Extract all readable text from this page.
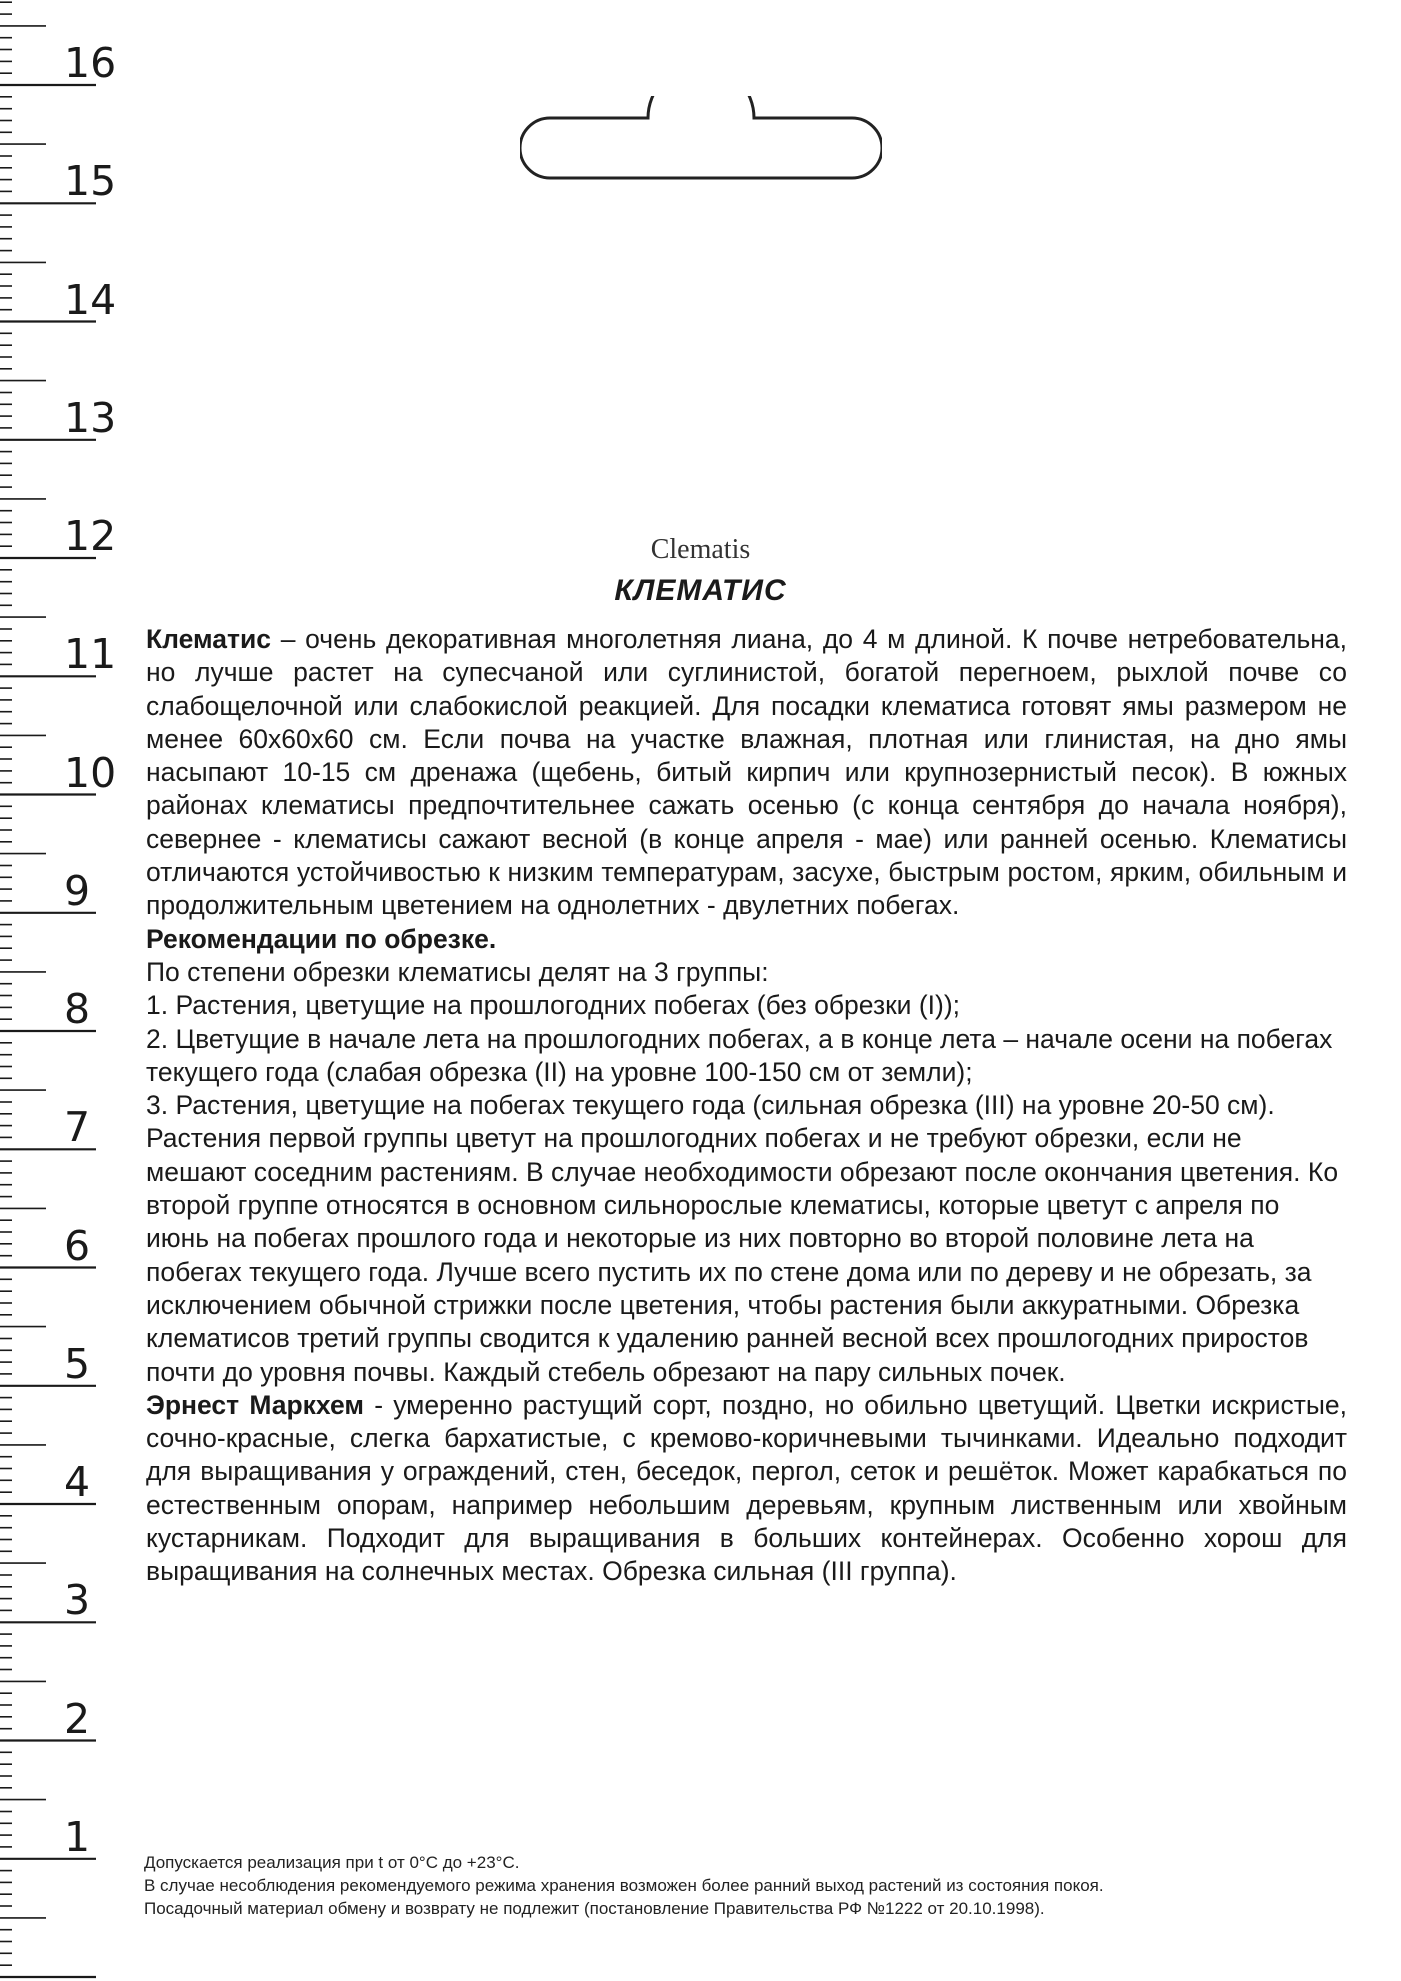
16
15
14
13
12
11
10
9
8
7
6
5
4
3
2
1
Clematis
КЛЕМАТИС

Клематис – очень декоративная многолетняя лиана, до 4 м длиной. К почве нетребовательна, но лучше растет на супесчаной или суглинистой, богатой перегноем, рыхлой почве со слабощелочной или слабокислой реакцией. Для посадки клематиса готовят ямы размером не менее 60х60х60 см. Если почва на участке влажная, плотная или глинистая, на дно ямы насыпают 10-15 см дренажа (щебень, битый кирпич или крупнозернистый песок). В южных районах клематисы предпочтительнее сажать осенью (с конца сентября до начала ноября), севернее - клематисы сажают весной (в конце апреля - мае) или ранней осенью. Клематисы отличаются устойчивостью к низким температурам, засухе, быстрым ростом, ярким, обильным и продолжительным цветением на однолетних - двулетних побегах.

Рекомендации по обрезке.

По степени обрезки клематисы делят на 3 группы:

1. Растения, цветущие на прошлогодних побегах (без обрезки (I));

2. Цветущие в начале лета на прошлогодних побегах, а в конце лета – начале осени на побегах текущего года (слабая обрезка (II) на уровне 100-150 см от земли);

3. Растения, цветущие на побегах текущего года (сильная обрезка (III) на уровне 20-50 см).

Растения первой группы цветут на прошлогодних побегах и не требуют обрезки, если не мешают соседним растениям. В случае необходимости обрезают после окончания цветения. Ко второй группе относятся в основном сильнорослые клематисы, которые цветут с апреля по июнь на побегах прошлого года и некоторые из них повторно во второй половине лета на побегах текущего года. Лучше всего пустить их по стене дома или по дереву и не обрезать, за исключением обычной стрижки после цветения, чтобы растения были аккуратными. Обрезка клематисов третий группы сводится к удалению ранней весной всех прошлогодних приростов почти до уровня почвы. Каждый стебель обрезают на пару сильных почек.

Эрнест Маркхем - умеренно растущий сорт, поздно, но обильно цветущий. Цветки искристые, сочно-красные, слегка бархатистые, с кремово-коричневыми тычинками. Идеально подходит для выращивания у ограждений, стен, беседок, пергол, сеток и решёток. Может карабкаться по естественным опорам, например небольшим деревьям, крупным лиственным или хвойным кустарникам. Подходит для выращивания в больших контейнерах. Особенно хорош для выращивания на солнечных местах. Обрезка сильная (III группа).

Допускается реализация при t от 0°С до +23°С.

В случае несоблюдения рекомендуемого режима хранения возможен более ранний выход растений из состояния покоя.

Посадочный материал обмену и возврату не подлежит (постановление Правительства РФ №1222 от 20.10.1998).
